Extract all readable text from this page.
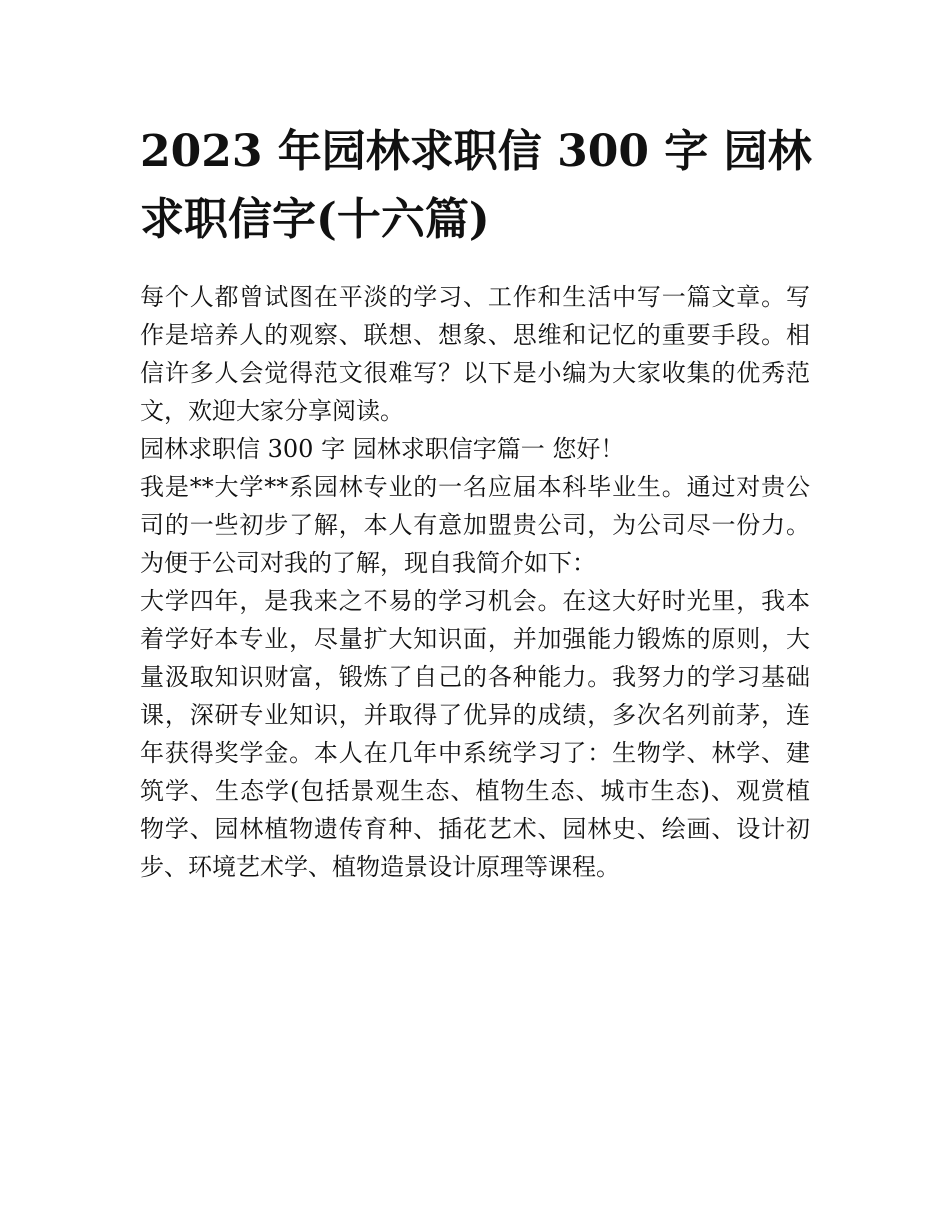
2023 年园林求职信 300 字 园林
求职信字(十六篇)
每个人都曾试图在平淡的学习、工作和生活中写一篇文章。写
作是培养人的观察、联想、想象、思维和记忆的重要手段。相
信许多人会觉得范文很难写？以下是小编为大家收集的优秀范
文，欢迎大家分享阅读。
园林求职信 300 字 园林求职信字篇一 您好！
我是**大学**系园林专业的一名应届本科毕业生。通过对贵公
司的一些初步了解，本人有意加盟贵公司，为公司尽一份力。
为便于公司对我的了解，现自我简介如下：
大学四年，是我来之不易的学习机会。在这大好时光里，我本
着学好本专业，尽量扩大知识面，并加强能力锻炼的原则，大
量汲取知识财富，锻炼了自己的各种能力。我努力的学习基础
课，深研专业知识，并取得了优异的成绩，多次名列前茅，连
年获得奖学金。本人在几年中系统学习了：生物学、林学、建
筑学、生态学(包括景观生态、植物生态、城市生态)、观赏植
物学、园林植物遗传育种、插花艺术、园林史、绘画、设计初
步、环境艺术学、植物造景设计原理等课程。
